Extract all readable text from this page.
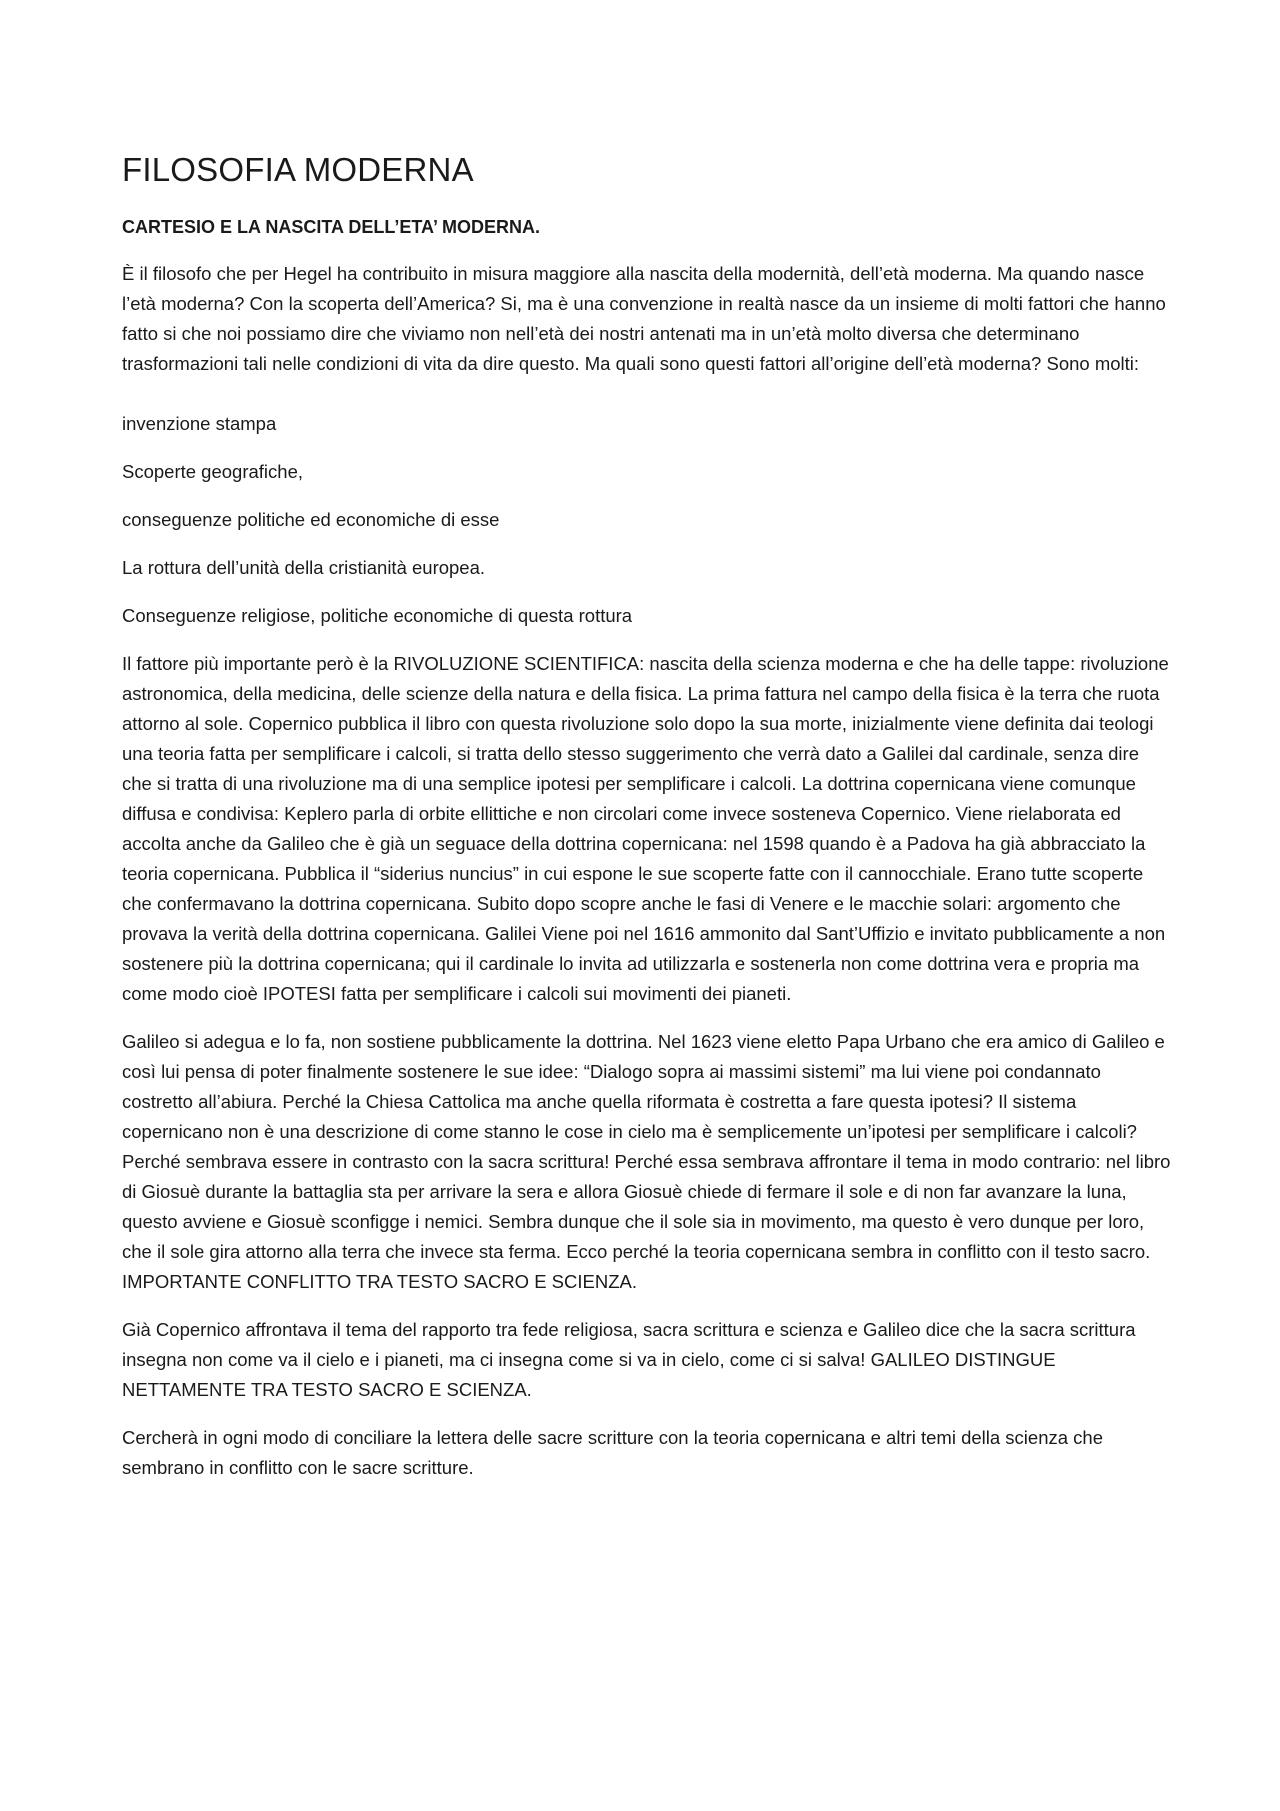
FILOSOFIA MODERNA
CARTESIO E LA NASCITA DELL’ETA’ MODERNA.

È il filosofo che per Hegel ha contribuito in misura maggiore alla nascita della modernità, dell’età moderna. Ma quando nasce l’età moderna? Con la scoperta dell’America? Si, ma è una convenzione in realtà nasce da un insieme di molti fattori che hanno fatto si che noi possiamo dire che viviamo non nell’età dei nostri antenati ma in un’età molto diversa che determinano trasformazioni tali nelle condizioni di vita da dire questo. Ma quali sono questi fattori all’origine dell’età moderna? Sono molti:

invenzione stampa
Scoperte geografiche,
conseguenze politiche ed economiche di esse
La rottura dell’unità della cristianità europea.
Conseguenze religiose, politiche economiche di questa rottura

Il fattore più importante però è la RIVOLUZIONE SCIENTIFICA: nascita della scienza moderna e che ha delle tappe: rivoluzione astronomica, della medicina, delle scienze della natura e della fisica. La prima fattura nel campo della fisica è la terra che ruota attorno al sole. Copernico pubblica il libro con questa rivoluzione solo dopo la sua morte, inizialmente viene definita dai teologi una teoria fatta per semplificare i calcoli, si tratta dello stesso suggerimento che verrà dato a Galilei dal cardinale, senza dire che si tratta di una rivoluzione ma di una semplice ipotesi per semplificare i calcoli. La dottrina copernicana viene comunque diffusa e condivisa: Keplero parla di orbite ellittiche e non circolari come invece sosteneva Copernico. Viene rielaborata ed accolta anche da Galileo che è già un seguace della dottrina copernicana: nel 1598 quando è a Padova ha già abbracciato la teoria copernicana. Pubblica il “siderius nuncius” in cui espone le sue scoperte fatte con il cannocchiale. Erano tutte scoperte che confermavano la dottrina copernicana. Subito dopo scopre anche le fasi di Venere e le macchie solari: argomento che provava la verità della dottrina copernicana. Galilei Viene poi nel 1616 ammonito dal Sant’Uffizio e invitato pubblicamente a non sostenere più la dottrina copernicana; qui il cardinale lo invita ad utilizzarla e sostenerla non come dottrina vera e propria ma come modo cioè IPOTESI fatta per semplificare i calcoli sui movimenti dei pianeti.

Galileo si adegua e lo fa, non sostiene pubblicamente la dottrina. Nel 1623 viene eletto Papa Urbano che era amico di Galileo e così lui pensa di poter finalmente sostenere le sue idee: “Dialogo sopra ai massimi sistemi” ma lui viene poi condannato costretto all’abiura. Perché la Chiesa Cattolica ma anche quella riformata è costretta a fare questa ipotesi? Il sistema copernicano non è una descrizione di come stanno le cose in cielo ma è semplicemente un’ipotesi per semplificare i calcoli? Perché sembrava essere in contrasto con la sacra scrittura! Perché essa sembrava affrontare il tema in modo contrario: nel libro di Giosuè durante la battaglia sta per arrivare la sera e allora Giosuè chiede di fermare il sole e di non far avanzare la luna, questo avviene e Giosuè sconfigge i nemici. Sembra dunque che il sole sia in movimento, ma questo è vero dunque per loro, che il sole gira attorno alla terra che invece sta ferma. Ecco perché la teoria copernicana sembra in conflitto con il testo sacro. IMPORTANTE CONFLITTO TRA TESTO SACRO E SCIENZA.

Già Copernico affrontava il tema del rapporto tra fede religiosa, sacra scrittura e scienza e Galileo dice che la sacra scrittura insegna non come va il cielo e i pianeti, ma ci insegna come si va in cielo, come ci si salva! GALILEO DISTINGUE NETTAMENTE TRA TESTO SACRO E SCIENZA.

Cercherà in ogni modo di conciliare la lettera delle sacre scritture con la teoria copernicana e altri temi della scienza che sembrano in conflitto con le sacre scritture.
